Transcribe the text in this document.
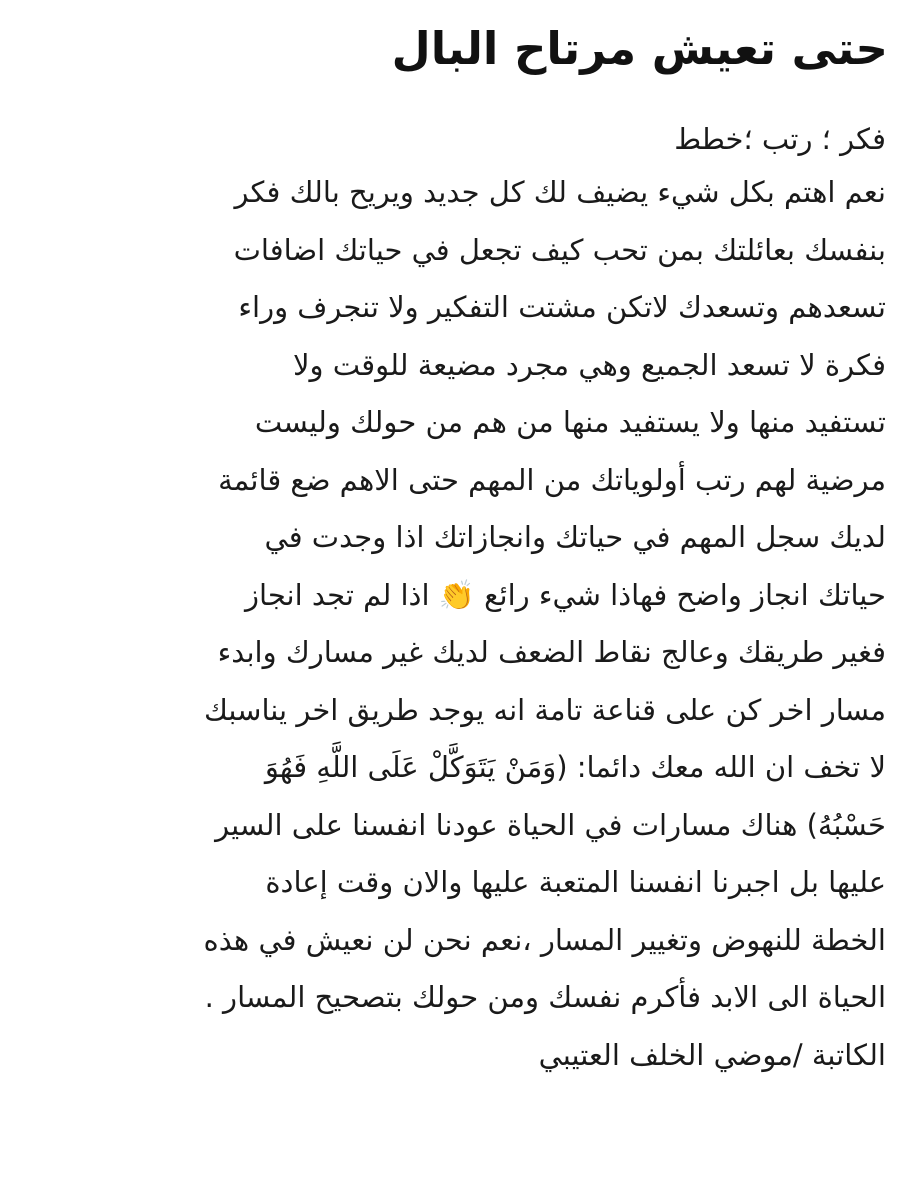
حتى تعيش مرتاح البال
فكر ؛ رتب ؛خطط
نعم اهتم بكل شيء يضيف لك كل جديد ويريح بالك فكر
بنفسك بعائلتك بمن تحب كيف تجعل في حياتك اضافات
تسعدهم وتسعدك لاتكن مشتت التفكير ولا تنجرف وراء
فكرة لا تسعد الجميع وهي مجرد مضيعة للوقت ولا
تستفيد منها ولا يستفيد منها من هم من حولك وليست
مرضية لهم رتب أولوياتك من المهم حتى الاهم ضع قائمة
لديك سجل المهم في حياتك وانجازاتك اذا وجدت في
حياتك انجاز واضح فهاذا شيء رائع 👏 اذا لم تجد انجاز
فغير طريقك وعالج نقاط الضعف لديك غير مسارك وابدء
مسار اخر كن على قناعة تامة انه يوجد طريق اخر يناسبك
لا تخف ان الله معك دائما: (وَمَنْ يَتَوَكَّلْ عَلَى اللَّهِ فَهُوَ
حَسْبُهُ) هناك مسارات في الحياة عودنا انفسنا على السير
عليها بل اجبرنا انفسنا المتعبة عليها والان وقت إعادة
الخطة للنهوض وتغيير المسار ،نعم نحن لن نعيش في هذه
الحياة الى الابد فأكرم نفسك ومن حولك بتصحيح المسار .
الكاتبة /موضي الخلف العتيبي
